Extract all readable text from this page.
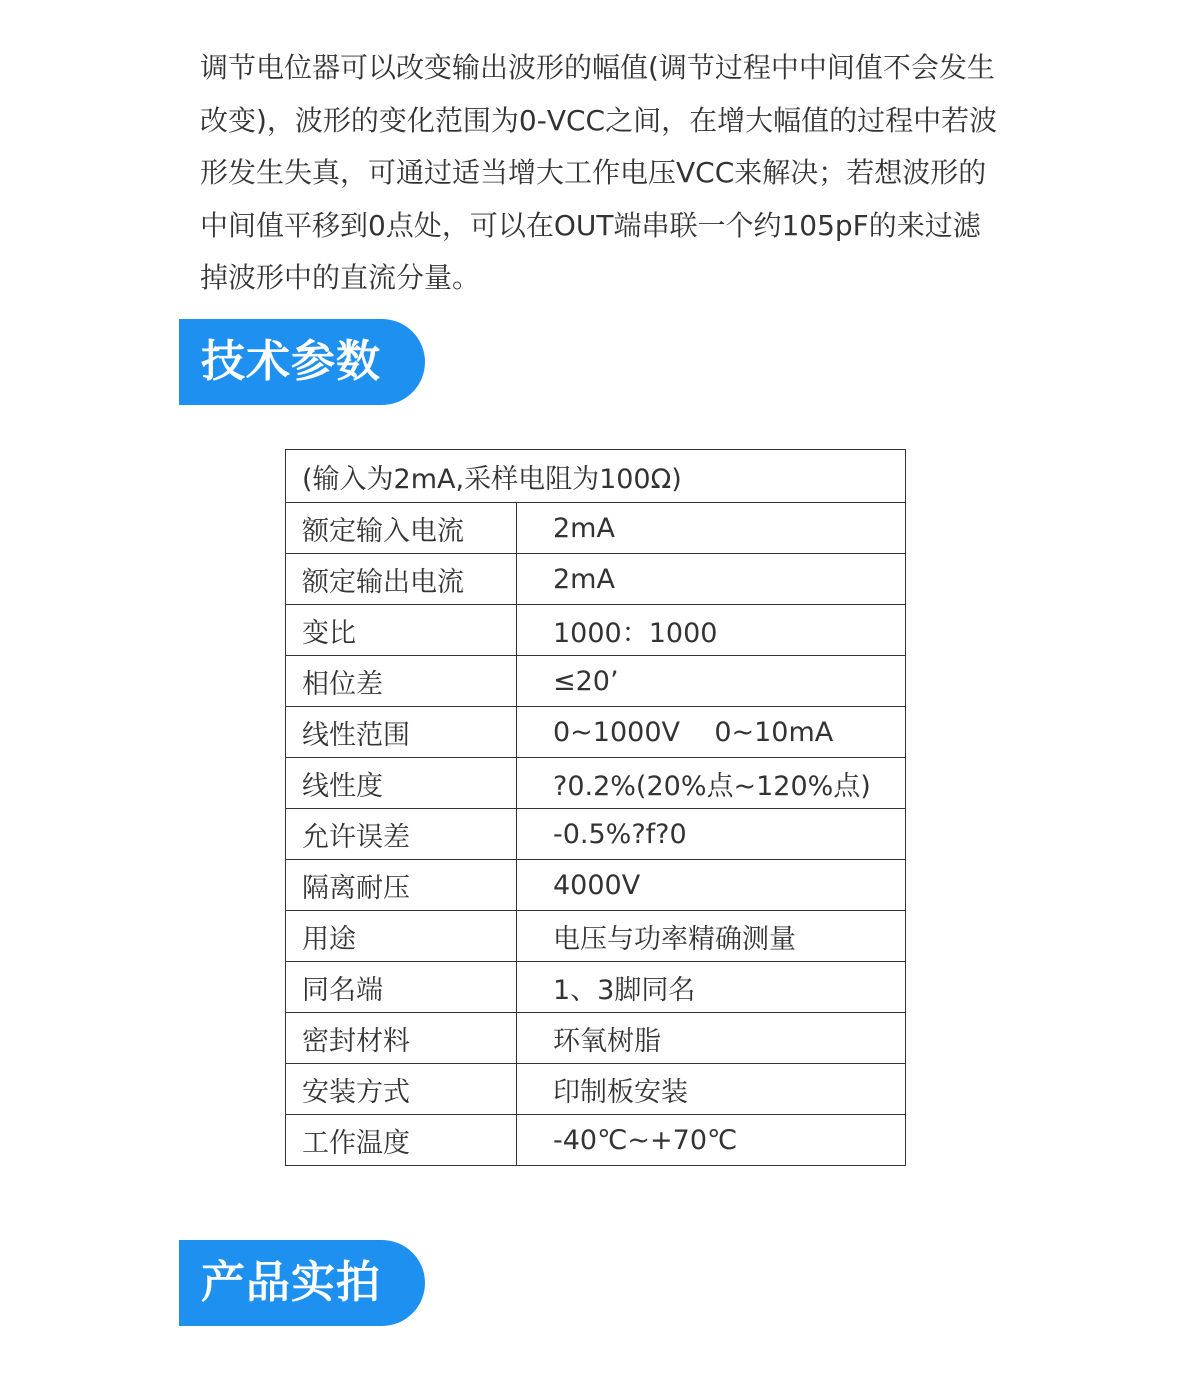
调节电位器可以改变输出波形的幅值(调节过程中中间值不会发生改变)，波形的变化范围为0-VCC之间，在增大幅值的过程中若波形发生失真，可通过适当增大工作电压VCC来解决；若想波形的中间值平移到0点处，可以在OUT端串联一个约105pF的来过滤掉波形中的直流分量。

技术参数
(输入为2mA,采样电阻为100Ω)	
额定输入电流	2mA
额定输出电流	2mA
变比	1000：1000
相位差	≤20’
线性范围	0~1000V    0~10mA
线性度	?0.2%(20%点~120%点)
允许误差	-0.5%?f?0
隔离耐压	4000V
用途	电压与功率精确测量
同名端	1、3脚同名
密封材料	环氧树脂
安装方式	印制板安装
工作温度	-40℃~+70℃
产品实拍
